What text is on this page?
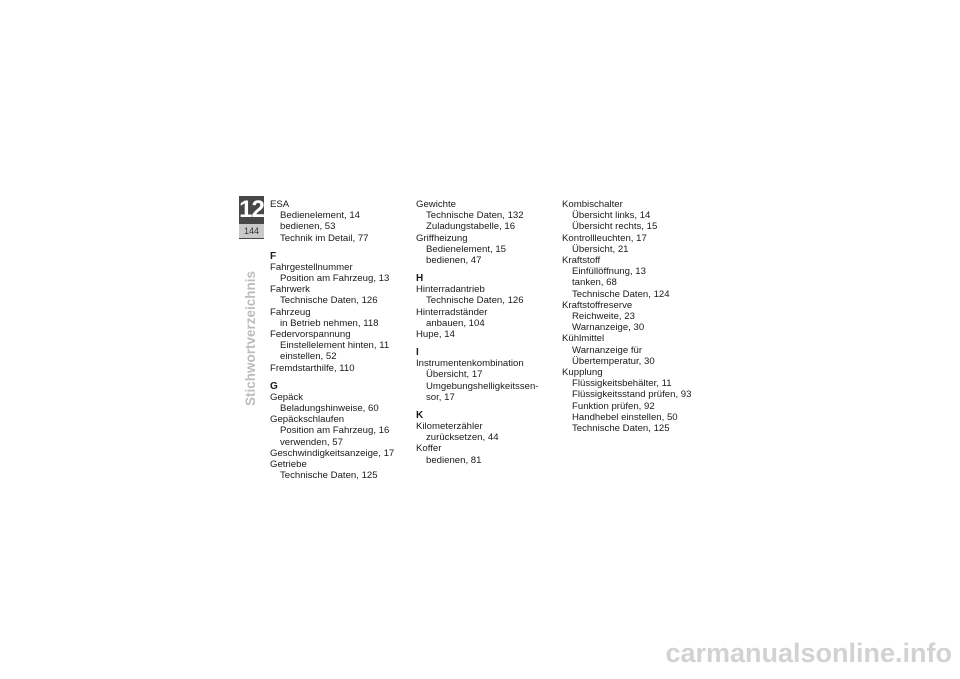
12
144
Stichwortverzeichnis
ESA
Bedienelement, 14
bedienen, 53
Technik im Detail, 77
F
Fahrgestellnummer
Position am Fahrzeug, 13
Fahrwerk
Technische Daten, 126
Fahrzeug
in Betrieb nehmen, 118
Federvorspannung
Einstellelement hinten, 11
einstellen, 52
Fremdstarthilfe, 110
G
Gepäck
Beladungshinweise, 60
Gepäckschlaufen
Position am Fahrzeug, 16
verwenden, 57
Geschwindigkeitsanzeige, 17
Getriebe
Technische Daten, 125
Gewichte
Technische Daten, 132
Zuladungstabelle, 16
Griffheizung
Bedienelement, 15
bedienen, 47
H
Hinterradantrieb
Technische Daten, 126
Hinterradständer
anbauen, 104
Hupe, 14
I
Instrumentenkombination
Übersicht, 17
Umgebungshelligkeitssen-
sor, 17
K
Kilometerzähler
zurücksetzen, 44
Koffer
bedienen, 81
Kombischalter
Übersicht links, 14
Übersicht rechts, 15
Kontrollleuchten, 17
Übersicht, 21
Kraftstoff
Einfüllöffnung, 13
tanken, 68
Technische Daten, 124
Kraftstoffreserve
Reichweite, 23
Warnanzeige, 30
Kühlmittel
Warnanzeige für
Übertemperatur, 30
Kupplung
Flüssigkeitsbehälter, 11
Flüssigkeitsstand prüfen, 93
Funktion prüfen, 92
Handhebel einstellen, 50
Technische Daten, 125
carmanualsonline.info
